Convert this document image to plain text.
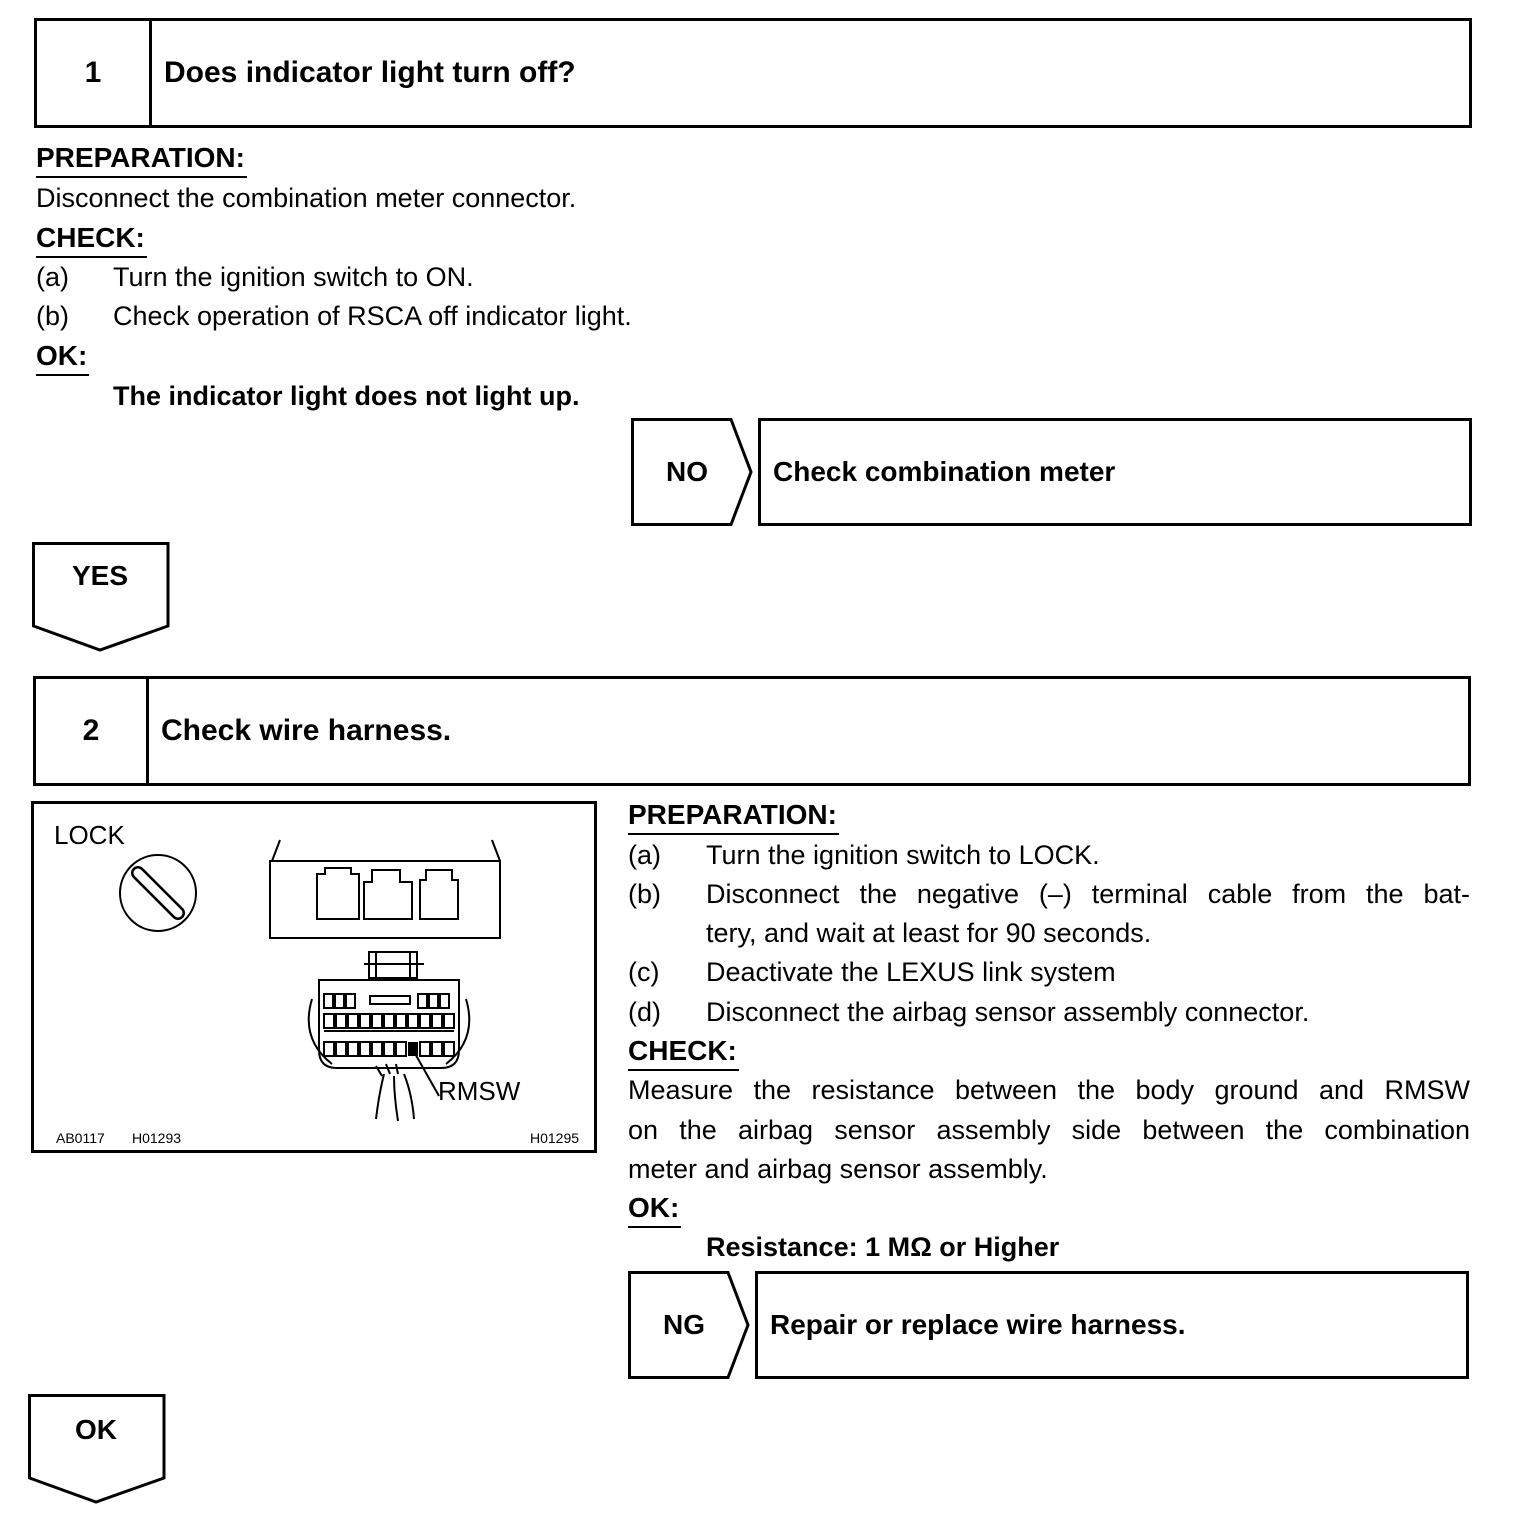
1	Does indicator light turn off?
PREPARATION:
Disconnect the combination meter connector.
CHECK:
(a) Turn the ignition switch to ON.
(b) Check operation of RSCA off indicator light.
OK:
The indicator light does not light up.
NO	Check combination meter
YES
2	Check wire harness.
LOCK
RMSW
AB0117 H01293	H01295
PREPARATION:
(a) Turn the ignition switch to LOCK.
(b) Disconnect the negative (–) terminal cable from the bat-
tery, and wait at least for 90 seconds.
(c) Deactivate the LEXUS link system
(d) Disconnect the airbag sensor assembly connector.
CHECK:
Measure the resistance between the body ground and RMSW
on the airbag sensor assembly side between the combination
meter and airbag sensor assembly.
OK:
Resistance: 1 MΩ or Higher
NG	Repair or replace wire harness.
OK
